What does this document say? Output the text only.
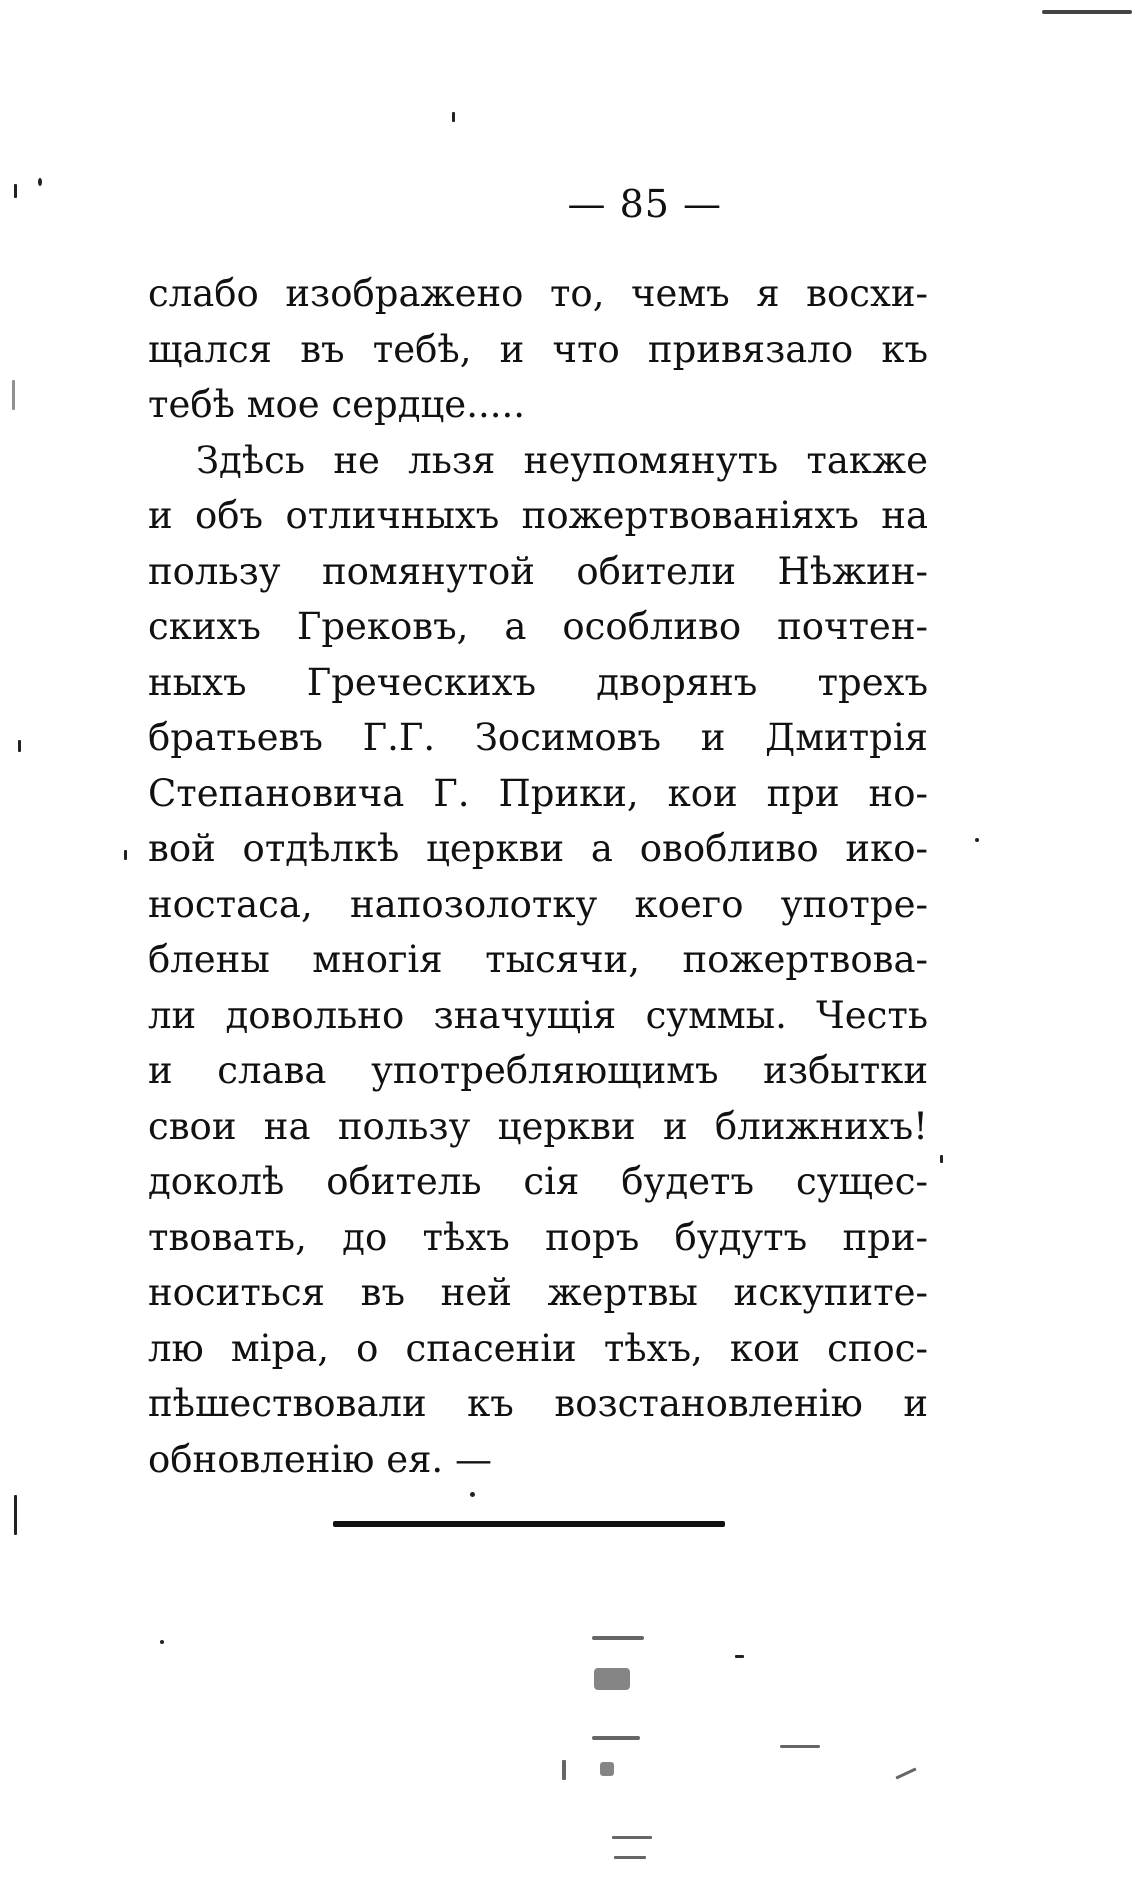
— 85 —
слабо изображено то, чемъ я восхи-
щался въ тебѣ, и что привязало къ
тебѣ мое сердце.....
Здѣсь не льзя неупомянуть также
и объ отличныхъ пожертвованiяхъ на
пользу помянутой обители Нѣжин-
скихъ Грековъ, а особливо почтен-
ныхъ Греческихъ дворянъ трехъ
братьевъ Г.Г. Зосимовъ и Дмитрiя
Степановича Г. Прики, кои при но-
вой отдѣлкѣ церкви а овобливо ико-
ностаса, напозолотку коего употре-
блены многiя тысячи, пожертвова-
ли довольно значущiя суммы. Честь
и слава употребляющимъ избытки
свои на пользу церкви и ближнихъ!
доколѣ обитель сiя будетъ сущес-
твовать, до тѣхъ поръ будутъ при-
носиться въ ней жертвы искупите-
лю мiра, о спасенiи тѣхъ, кои спос-
пѣшествовали къ возстановленiю и
обновленiю ея. —
